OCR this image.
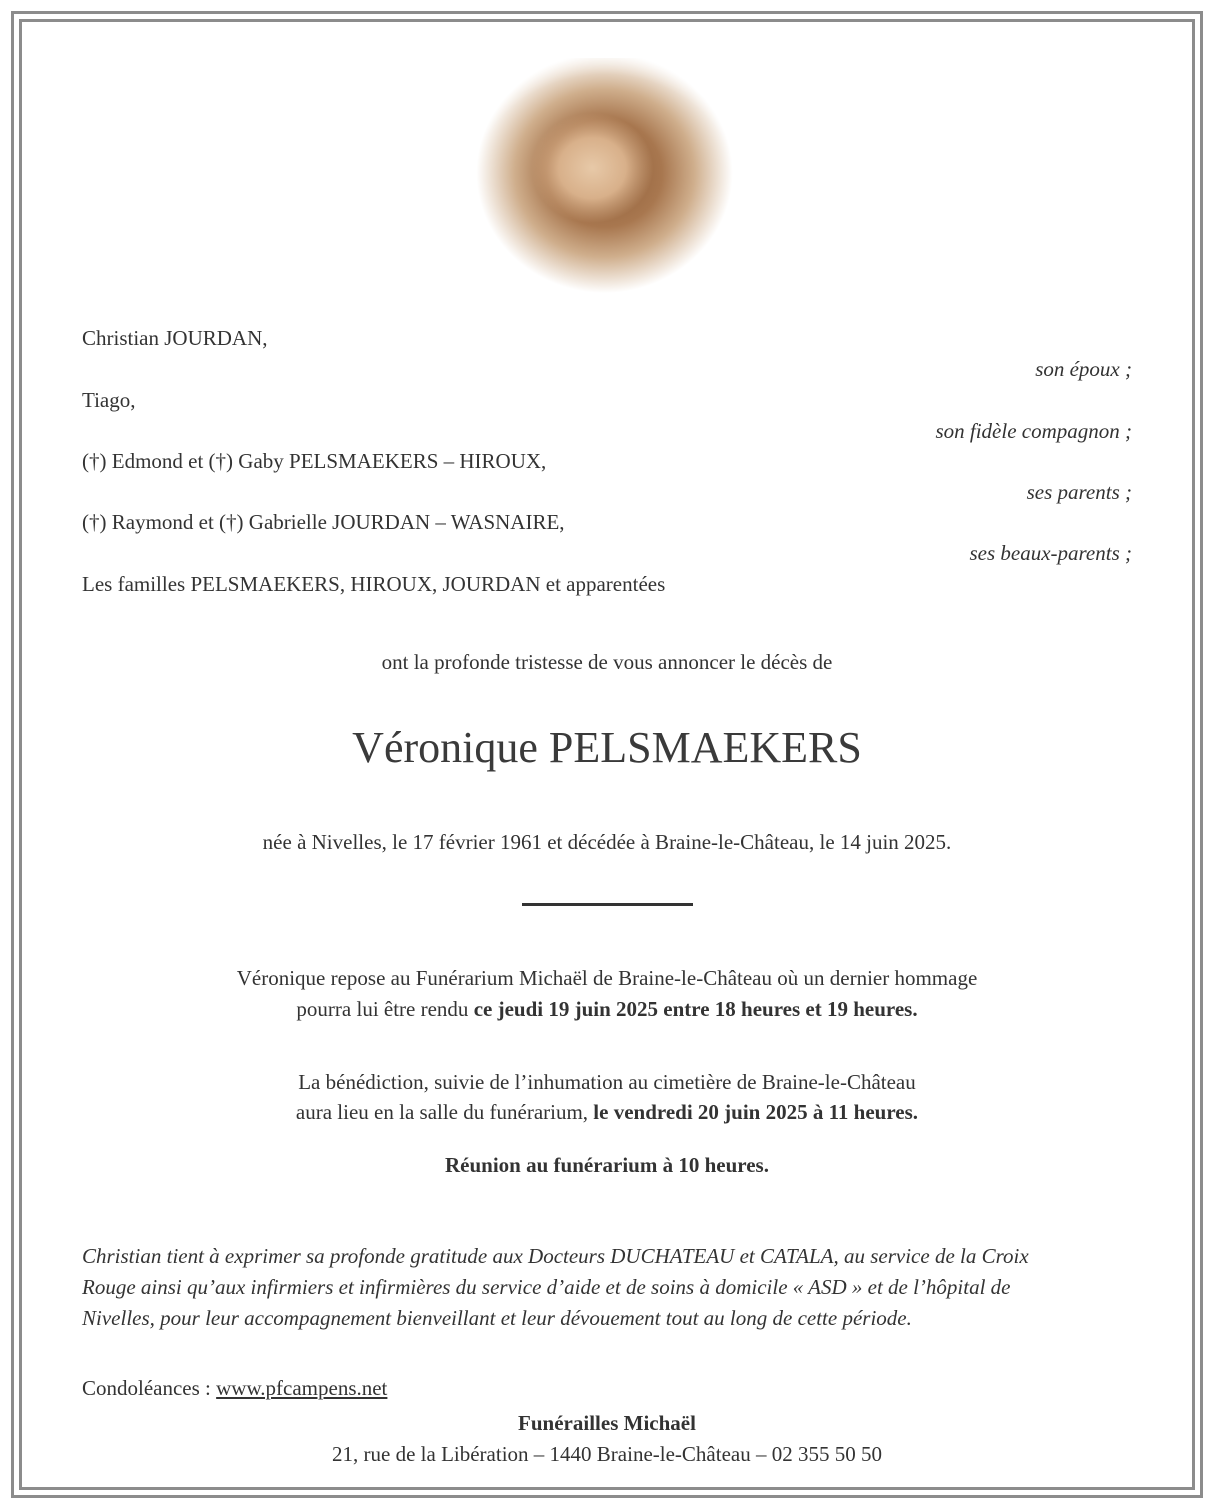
Christian JOURDAN,
son époux ;
Tiago,
son fidèle compagnon ;
(†) Edmond et (†) Gaby PELSMAEKERS – HIROUX,
ses parents ;
(†) Raymond et (†) Gabrielle JOURDAN – WASNAIRE,
ses beaux-parents ;
Les familles PELSMAEKERS, HIROUX, JOURDAN et apparentées
ont la profonde tristesse de vous annoncer le décès de
Véronique PELSMAEKERS
née à Nivelles, le 17 février 1961 et décédée à Braine-le-Château, le 14 juin 2025.
Véronique repose au Funérarium Michaël de Braine-le-Château où un dernier hommage
pourra lui être rendu ce jeudi 19 juin 2025 entre 18 heures et 19 heures.
La bénédiction, suivie de l’inhumation au cimetière de Braine-le-Château
aura lieu en la salle du funérarium, le vendredi 20 juin 2025 à 11 heures.
Réunion au funérarium à 10 heures.
Christian tient à exprimer sa profonde gratitude aux Docteurs DUCHATEAU et CATALA, au service de la Croix
Rouge ainsi qu’aux infirmiers et infirmières du service d’aide et de soins à domicile « ASD » et de l’hôpital de
Nivelles, pour leur accompagnement bienveillant et leur dévouement tout au long de cette période.
Condoléances : www.pfcampens.net
Funérailles Michaël
21, rue de la Libération – 1440 Braine-le-Château – 02 355 50 50
